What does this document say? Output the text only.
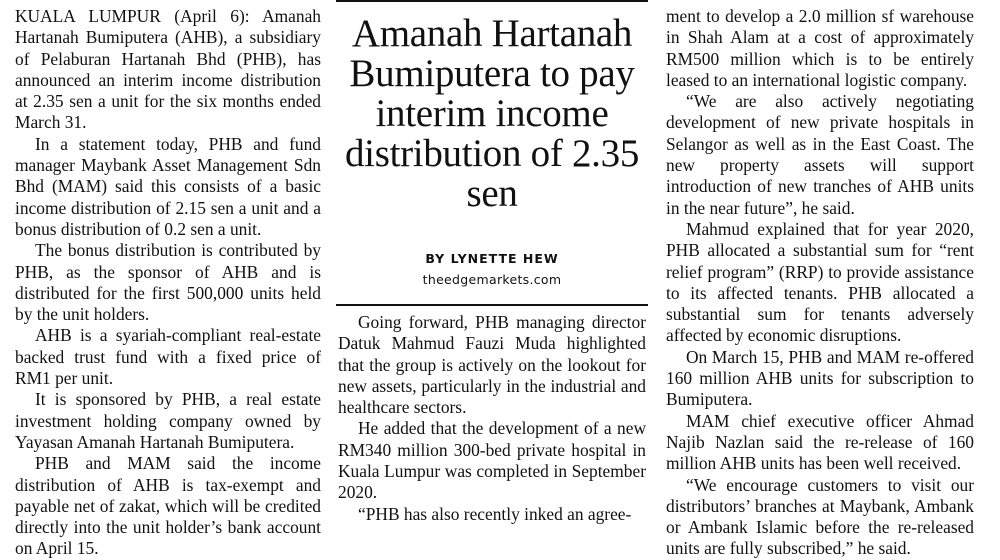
KUALA LUMPUR (April 6): Amanah Hartanah Bumiputera (AHB), a subsidiary of Pelaburan Hartanah Bhd (PHB), has announced an interim income distribution at 2.35 sen a unit for the six months ended March 31.

In a statement today, PHB and fund manager Maybank Asset Management Sdn Bhd (MAM) said this consists of a basic income distribution of 2.15 sen a unit and a bonus distribution of 0.2 sen a unit.

The bonus distribution is contributed by PHB, as the sponsor of AHB and is distributed for the first 500,000 units held by the unit holders.

AHB is a syariah-compliant real-estate backed trust fund with a fixed price of RM1 per unit.

It is sponsored by PHB, a real estate investment holding company owned by Yayasan Amanah Hartanah Bumiputera.

PHB and MAM said the income distribution of AHB is tax-exempt and payable net of zakat, which will be credited directly into the unit holder’s bank account on April 15.

Amanah Hartanah Bumiputera to pay interim income distribution of 2.35 sen
BY LYNETTE HEW
theedgemarkets.com

Going forward, PHB managing director Datuk Mahmud Fauzi Muda highlighted that the group is actively on the lookout for new assets, particularly in the industrial and healthcare sectors.

He added that the development of a new RM340 million 300-bed private hospital in Kuala Lumpur was completed in September 2020.

“PHB has also recently inked an agree-

ment to develop a 2.0 million sf warehouse in Shah Alam at a cost of approximately RM500 million which is to be entirely leased to an international logistic company.

“We are also actively negotiating development of new private hospitals in Selangor as well as in the East Coast. The new property assets will support introduction of new tranches of AHB units in the near future”, he said.

Mahmud explained that for year 2020, PHB allocated a substantial sum for “rent relief program” (RRP) to provide assistance to its affected tenants. PHB allocated a substantial sum for tenants adversely affected by economic disruptions.

On March 15, PHB and MAM re-offered 160 million AHB units for subscription to Bumiputera.

MAM chief executive officer Ahmad Najib Nazlan said the re-release of 160 million AHB units has been well received.

“We encourage customers to visit our distributors’ branches at Maybank, Ambank or Ambank Islamic before the re-released units are fully subscribed,” he said.
